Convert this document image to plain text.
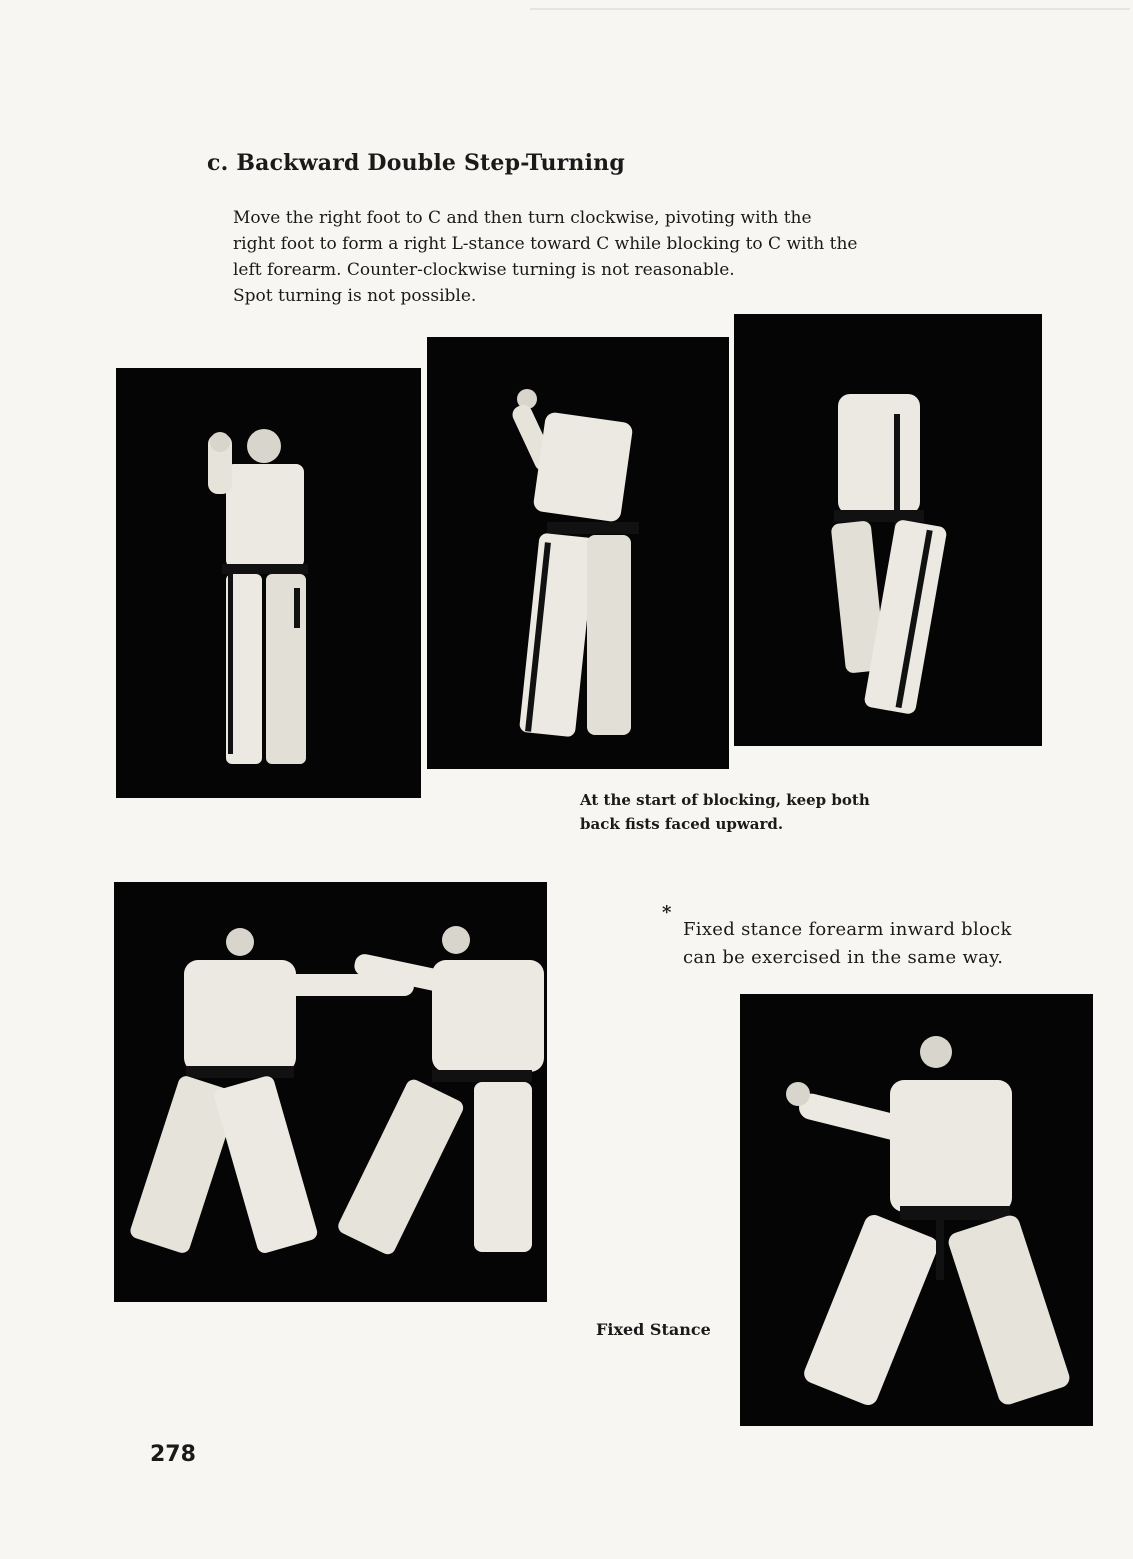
c. Backward Double Step-Turning

Move the right foot to C and then turn clockwise, pivoting with the

right foot to form a right L-stance toward C while blocking to C with the

left forearm. Counter-clockwise turning is not reasonable.

Spot turning is not possible.

At the start of blocking, keep both
back fists faced upward.
*
Fixed stance forearm inward block
can be exercised in the same way.
Fixed Stance
278
